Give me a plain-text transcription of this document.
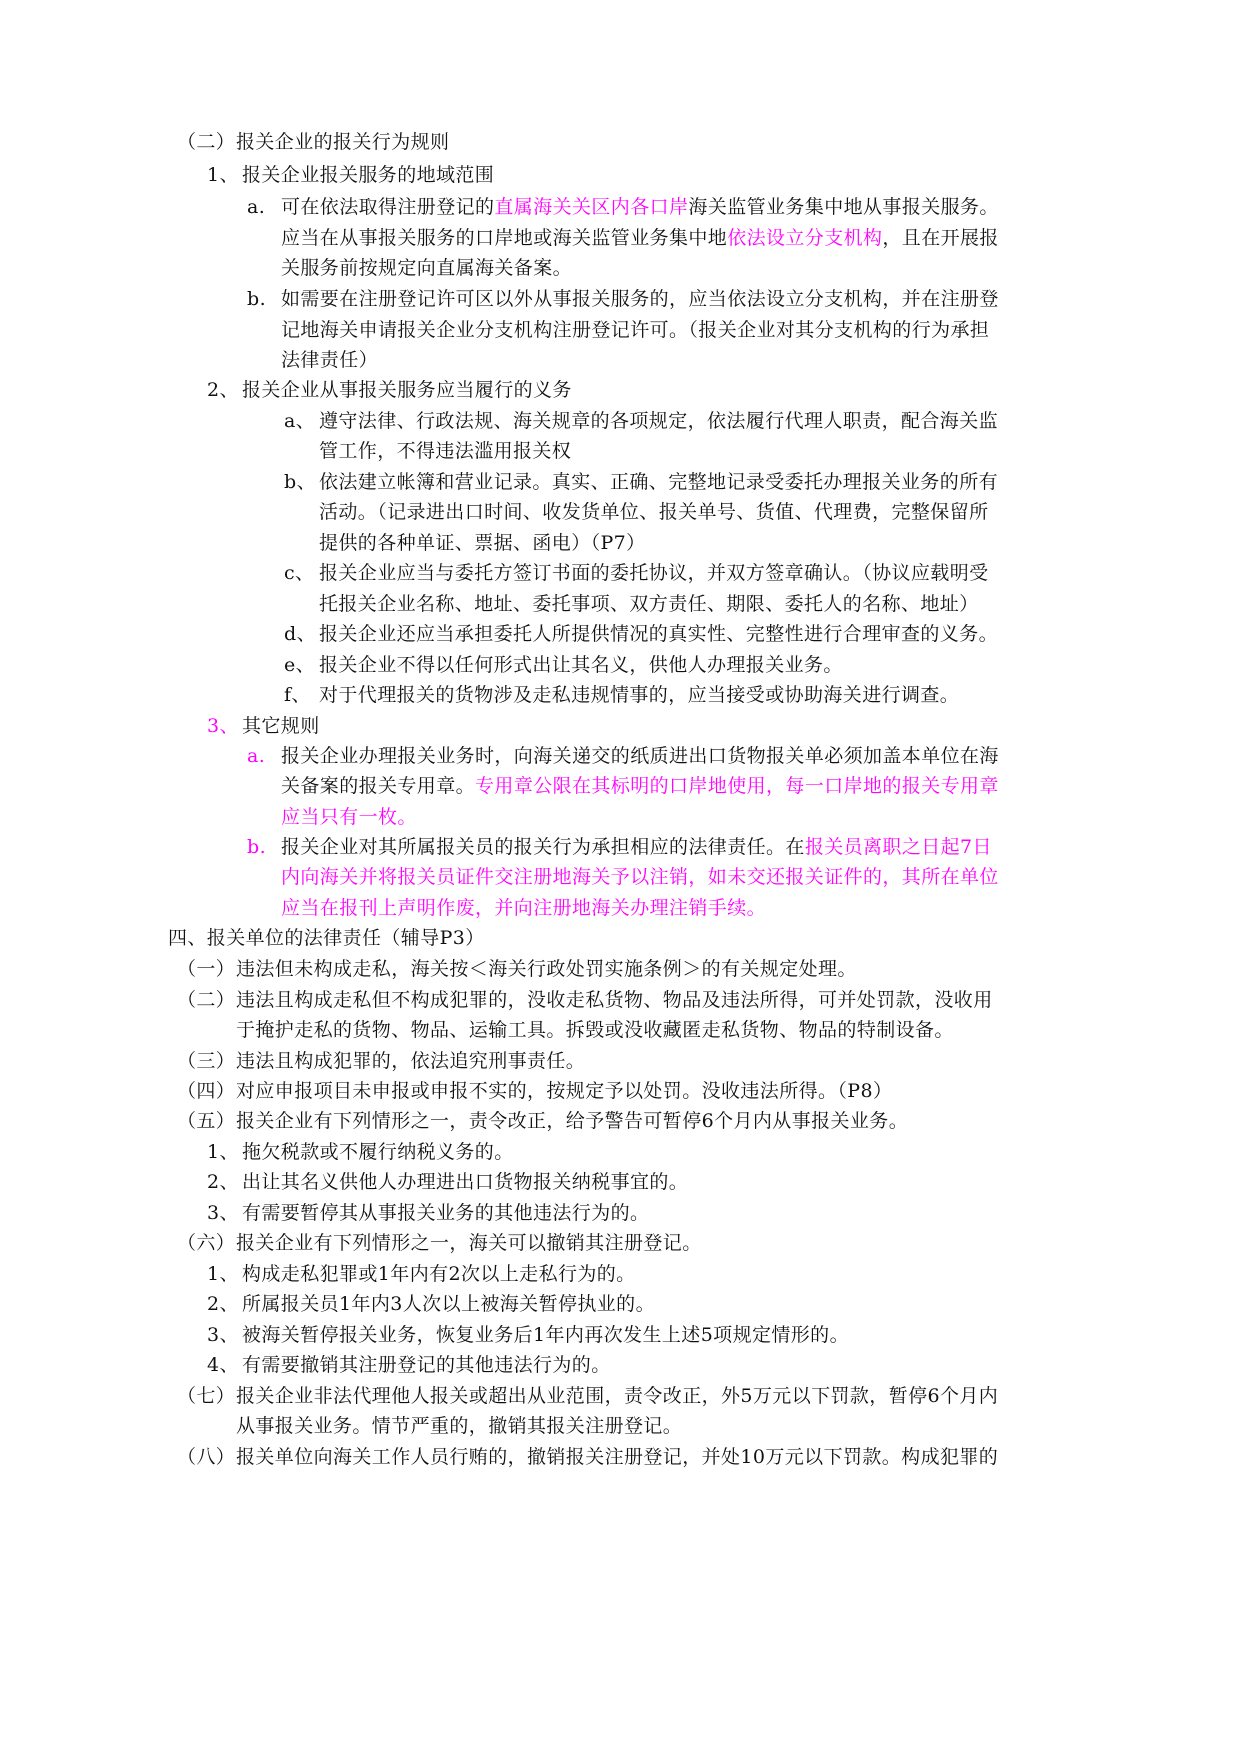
（二） 报关企业的报关行为规则
1、 报关企业报关服务的地域范围
a. 可在依法取得注册登记的直属海关关区内各口岸海关监管业务集中地从事报关服务。
应当在从事报关服务的口岸地或海关监管业务集中地依法设立分支机构，且在开展报
关服务前按规定向直属海关备案。
b. 如需要在注册登记许可区以外从事报关服务的，应当依法设立分支机构，并在注册登
记地海关申请报关企业分支机构注册登记许可。（报关企业对其分支机构的行为承担
法律责任）
2、 报关企业从事报关服务应当履行的义务
a、 遵守法律、行政法规、海关规章的各项规定，依法履行代理人职责，配合海关监
管工作，不得违法滥用报关权
b、 依法建立帐簿和营业记录。真实、正确、完整地记录受委托办理报关业务的所有
活动。（记录进出口时间、收发货单位、报关单号、货值、代理费，完整保留所
提供的各种单证、票据、函电）（P7）
c、 报关企业应当与委托方签订书面的委托协议，并双方签章确认。（协议应载明受
托报关企业名称、地址、委托事项、双方责任、期限、委托人的名称、地址）
d、 报关企业还应当承担委托人所提供情况的真实性、完整性进行合理审查的义务。
e、 报关企业不得以任何形式出让其名义，供他人办理报关业务。
f、 对于代理报关的货物涉及走私违规情事的，应当接受或协助海关进行调查。
3、 其它规则
a. 报关企业办理报关业务时，向海关递交的纸质进出口货物报关单必须加盖本单位在海
关备案的报关专用章。专用章公限在其标明的口岸地使用，每一口岸地的报关专用章
应当只有一枚。
b. 报关企业对其所属报关员的报关行为承担相应的法律责任。在报关员离职之日起7日
内向海关并将报关员证件交注册地海关予以注销，如未交还报关证件的，其所在单位
应当在报刊上声明作废，并向注册地海关办理注销手续。
四、报关单位的法律责任（辅导P3）
（一） 违法但未构成走私，海关按＜海关行政处罚实施条例＞的有关规定处理。
（二） 违法且构成走私但不构成犯罪的，没收走私货物、物品及违法所得，可并处罚款，没收用
于掩护走私的货物、物品、运输工具。拆毁或没收藏匿走私货物、物品的特制设备。
（三） 违法且构成犯罪的，依法追究刑事责任。
（四） 对应申报项目未申报或申报不实的，按规定予以处罚。没收违法所得。（P8）
（五） 报关企业有下列情形之一，责令改正，给予警告可暂停6个月内从事报关业务。
1、 拖欠税款或不履行纳税义务的。
2、 出让其名义供他人办理进出口货物报关纳税事宜的。
3、 有需要暂停其从事报关业务的其他违法行为的。
（六） 报关企业有下列情形之一，海关可以撤销其注册登记。
1、 构成走私犯罪或1年内有2次以上走私行为的。
2、 所属报关员1年内3人次以上被海关暂停执业的。
3、 被海关暂停报关业务，恢复业务后1年内再次发生上述5项规定情形的。
4、 有需要撤销其注册登记的其他违法行为的。
（七） 报关企业非法代理他人报关或超出从业范围，责令改正，外5万元以下罚款，暂停6个月内
从事报关业务。情节严重的，撤销其报关注册登记。
（八） 报关单位向海关工作人员行贿的，撤销报关注册登记，并处10万元以下罚款。构成犯罪的
